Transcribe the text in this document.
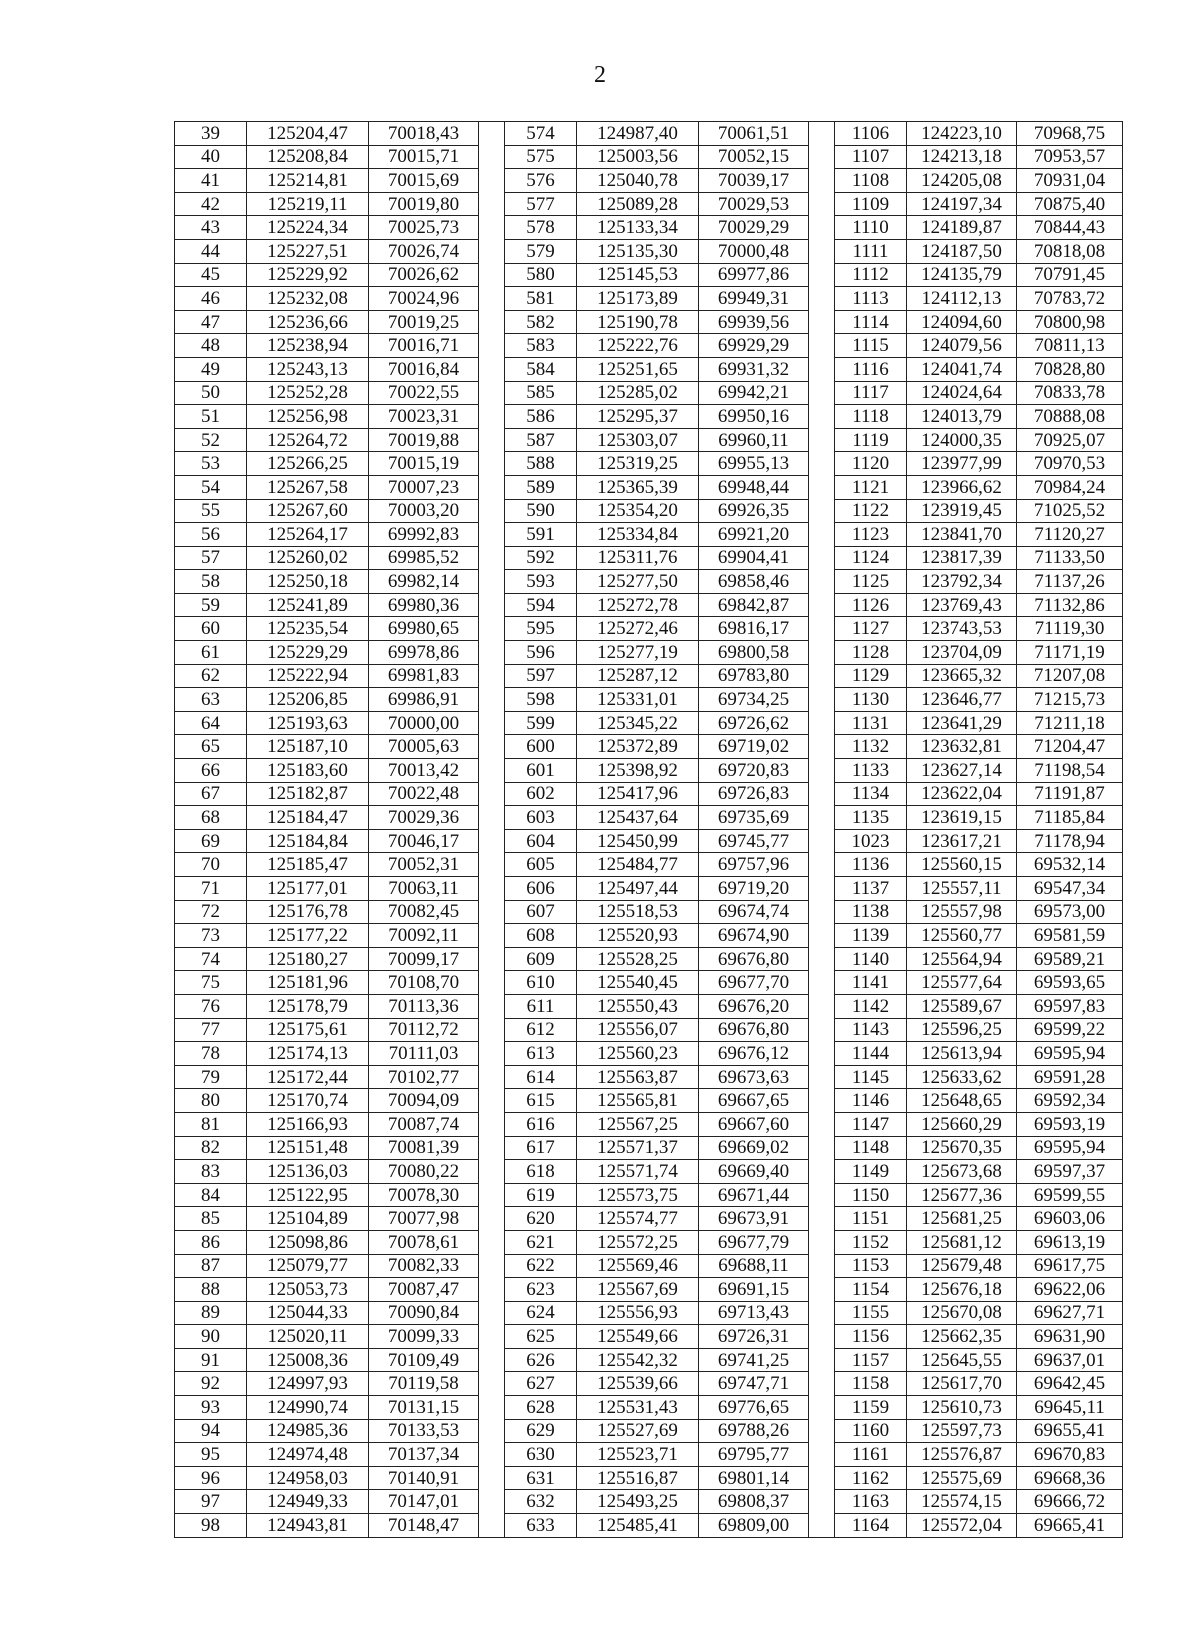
2
39	125204,47	70018,43		574	124987,40	70061,51		1106	124223,10	70968,75
40	125208,84	70015,71		575	125003,56	70052,15		1107	124213,18	70953,57
41	125214,81	70015,69		576	125040,78	70039,17		1108	124205,08	70931,04
42	125219,11	70019,80		577	125089,28	70029,53		1109	124197,34	70875,40
43	125224,34	70025,73		578	125133,34	70029,29		1110	124189,87	70844,43
44	125227,51	70026,74		579	125135,30	70000,48		1111	124187,50	70818,08
45	125229,92	70026,62		580	125145,53	69977,86		1112	124135,79	70791,45
46	125232,08	70024,96		581	125173,89	69949,31		1113	124112,13	70783,72
47	125236,66	70019,25		582	125190,78	69939,56		1114	124094,60	70800,98
48	125238,94	70016,71		583	125222,76	69929,29		1115	124079,56	70811,13
49	125243,13	70016,84		584	125251,65	69931,32		1116	124041,74	70828,80
50	125252,28	70022,55		585	125285,02	69942,21		1117	124024,64	70833,78
51	125256,98	70023,31		586	125295,37	69950,16		1118	124013,79	70888,08
52	125264,72	70019,88		587	125303,07	69960,11		1119	124000,35	70925,07
53	125266,25	70015,19		588	125319,25	69955,13		1120	123977,99	70970,53
54	125267,58	70007,23		589	125365,39	69948,44		1121	123966,62	70984,24
55	125267,60	70003,20		590	125354,20	69926,35		1122	123919,45	71025,52
56	125264,17	69992,83		591	125334,84	69921,20		1123	123841,70	71120,27
57	125260,02	69985,52		592	125311,76	69904,41		1124	123817,39	71133,50
58	125250,18	69982,14		593	125277,50	69858,46		1125	123792,34	71137,26
59	125241,89	69980,36		594	125272,78	69842,87		1126	123769,43	71132,86
60	125235,54	69980,65		595	125272,46	69816,17		1127	123743,53	71119,30
61	125229,29	69978,86		596	125277,19	69800,58		1128	123704,09	71171,19
62	125222,94	69981,83		597	125287,12	69783,80		1129	123665,32	71207,08
63	125206,85	69986,91		598	125331,01	69734,25		1130	123646,77	71215,73
64	125193,63	70000,00		599	125345,22	69726,62		1131	123641,29	71211,18
65	125187,10	70005,63		600	125372,89	69719,02		1132	123632,81	71204,47
66	125183,60	70013,42		601	125398,92	69720,83		1133	123627,14	71198,54
67	125182,87	70022,48		602	125417,96	69726,83		1134	123622,04	71191,87
68	125184,47	70029,36		603	125437,64	69735,69		1135	123619,15	71185,84
69	125184,84	70046,17		604	125450,99	69745,77		1023	123617,21	71178,94
70	125185,47	70052,31		605	125484,77	69757,96		1136	125560,15	69532,14
71	125177,01	70063,11		606	125497,44	69719,20		1137	125557,11	69547,34
72	125176,78	70082,45		607	125518,53	69674,74		1138	125557,98	69573,00
73	125177,22	70092,11		608	125520,93	69674,90		1139	125560,77	69581,59
74	125180,27	70099,17		609	125528,25	69676,80		1140	125564,94	69589,21
75	125181,96	70108,70		610	125540,45	69677,70		1141	125577,64	69593,65
76	125178,79	70113,36		611	125550,43	69676,20		1142	125589,67	69597,83
77	125175,61	70112,72		612	125556,07	69676,80		1143	125596,25	69599,22
78	125174,13	70111,03		613	125560,23	69676,12		1144	125613,94	69595,94
79	125172,44	70102,77		614	125563,87	69673,63		1145	125633,62	69591,28
80	125170,74	70094,09		615	125565,81	69667,65		1146	125648,65	69592,34
81	125166,93	70087,74		616	125567,25	69667,60		1147	125660,29	69593,19
82	125151,48	70081,39		617	125571,37	69669,02		1148	125670,35	69595,94
83	125136,03	70080,22		618	125571,74	69669,40		1149	125673,68	69597,37
84	125122,95	70078,30		619	125573,75	69671,44		1150	125677,36	69599,55
85	125104,89	70077,98		620	125574,77	69673,91		1151	125681,25	69603,06
86	125098,86	70078,61		621	125572,25	69677,79		1152	125681,12	69613,19
87	125079,77	70082,33		622	125569,46	69688,11		1153	125679,48	69617,75
88	125053,73	70087,47		623	125567,69	69691,15		1154	125676,18	69622,06
89	125044,33	70090,84		624	125556,93	69713,43		1155	125670,08	69627,71
90	125020,11	70099,33		625	125549,66	69726,31		1156	125662,35	69631,90
91	125008,36	70109,49		626	125542,32	69741,25		1157	125645,55	69637,01
92	124997,93	70119,58		627	125539,66	69747,71		1158	125617,70	69642,45
93	124990,74	70131,15		628	125531,43	69776,65		1159	125610,73	69645,11
94	124985,36	70133,53		629	125527,69	69788,26		1160	125597,73	69655,41
95	124974,48	70137,34		630	125523,71	69795,77		1161	125576,87	69670,83
96	124958,03	70140,91		631	125516,87	69801,14		1162	125575,69	69668,36
97	124949,33	70147,01		632	125493,25	69808,37		1163	125574,15	69666,72
98	124943,81	70148,47		633	125485,41	69809,00		1164	125572,04	69665,41
